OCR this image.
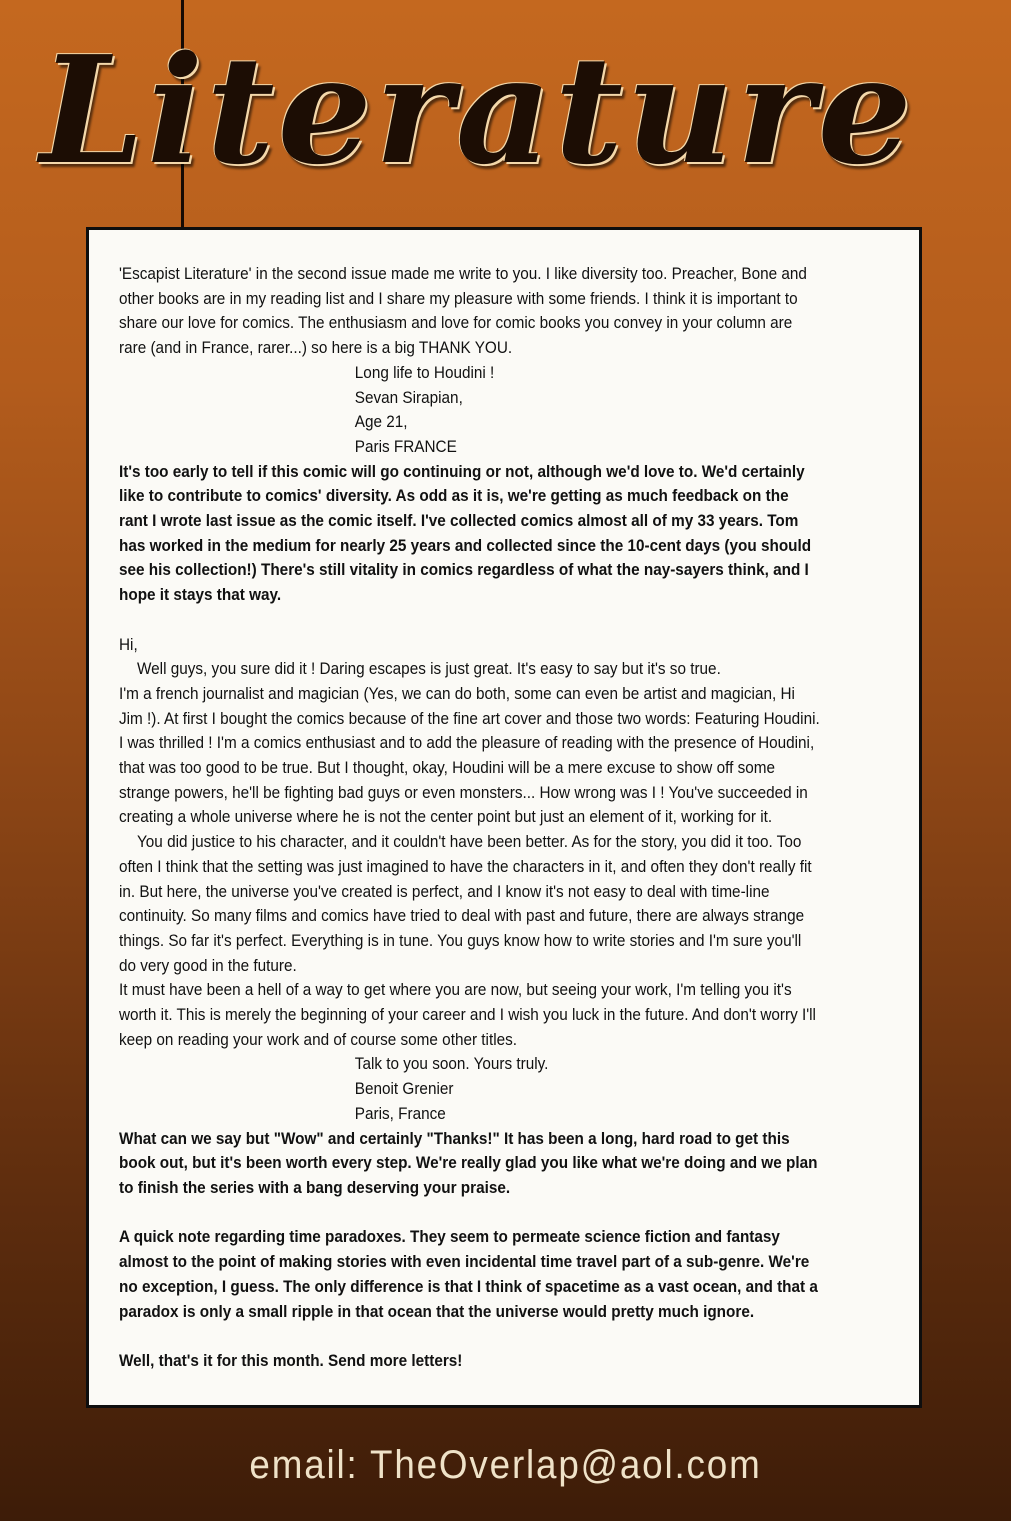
Literature

'Escapist Literature' in the second issue made me write to you. I like diversity too. Preacher, Bone and other books are in my reading list and I share my pleasure with some friends. I think it is important to share our love for comics. The enthusiasm and love for comic books you convey in your column are rare (and in France, rarer...) so here is a big THANK YOU.

Long life to Houdini !

Sevan Sirapian,

Age 21,

Paris FRANCE

It's too early to tell if this comic will go continuing or not, although we'd love to. We'd certainly like to contribute to comics' diversity. As odd as it is, we're getting as much feedback on the rant I wrote last issue as the comic itself. I've collected comics almost all of my 33 years. Tom has worked in the medium for nearly 25 years and collected since the 10-cent days (you should see his collection!) There's still vitality in comics regardless of what the nay-sayers think, and I hope it stays that way.

Hi,

Well guys, you sure did it ! Daring escapes is just great. It's easy to say but it's so true.

I'm a french journalist and magician (Yes, we can do both, some can even be artist and magician, Hi Jim !). At first I bought the comics because of the fine art cover and those two words: Featuring Houdini. I was thrilled ! I'm a comics enthusiast and to add the pleasure of reading with the presence of Houdini, that was too good to be true. But I thought, okay, Houdini will be a mere excuse to show off some strange powers, he'll be fighting bad guys or even monsters... How wrong was I ! You've succeeded in creating a whole universe where he is not the center point but just an element of it, working for it.

You did justice to his character, and it couldn't have been better. As for the story, you did it too. Too often I think that the setting was just imagined to have the characters in it, and often they don't really fit in. But here, the universe you've created is perfect, and I know it's not easy to deal with time-line continuity. So many films and comics have tried to deal with past and future, there are always strange things. So far it's perfect. Everything is in tune. You guys know how to write stories and I'm sure you'll do very good in the future.

It must have been a hell of a way to get where you are now, but seeing your work, I'm telling you it's worth it. This is merely the beginning of your career and I wish you luck in the future. And don't worry I'll keep on reading your work and of course some other titles.

Talk to you soon. Yours truly.

Benoit Grenier

Paris, France

What can we say but "Wow" and certainly "Thanks!" It has been a long, hard road to get this book out, but it's been worth every step. We're really glad you like what we're doing and we plan to finish the series with a bang deserving your praise.

A quick note regarding time paradoxes. They seem to permeate science fiction and fantasy almost to the point of making stories with even incidental time travel part of a sub-genre. We're no exception, I guess. The only difference is that I think of spacetime as a vast ocean, and that a paradox is only a small ripple in that ocean that the universe would pretty much ignore.

Well, that's it for this month. Send more letters!

email: TheOverlap@aol.com
